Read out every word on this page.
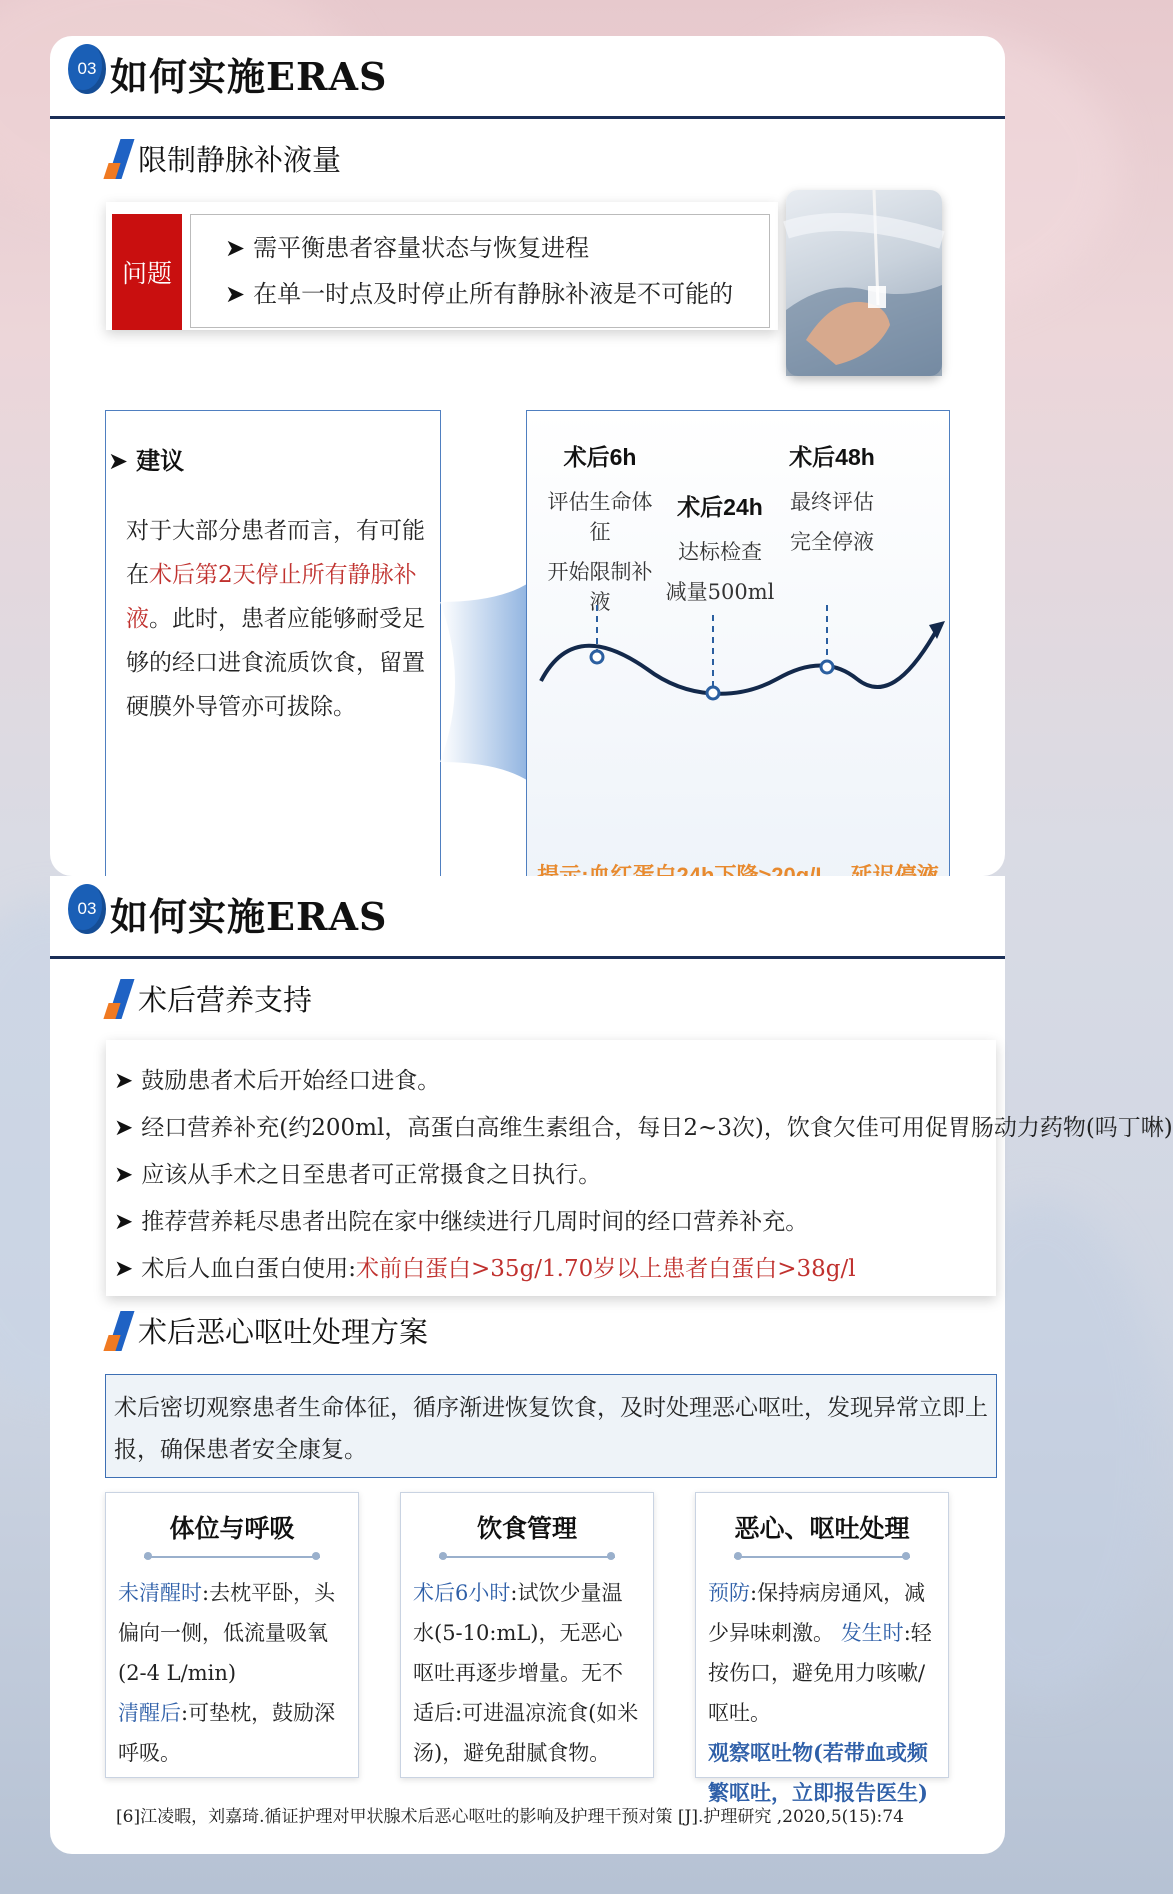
03 如何实施ERAS
限制静脉补液量
问题
➤ 需平衡患者容量状态与恢复进程
➤ 在单一时点及时停止所有静脉补液是不可能的
➤ 建议
对于大部分患者而言，有可能在术后第2天停止所有静脉补液。此时，患者应能够耐受足够的经口进食流质饮食，留置硬膜外导管亦可拔除。
术后6h
评估生命体征
开始限制补液
术后24h
达标检查
减量500ml
术后48h
最终评估
完全停液
03 如何实施ERAS
术后营养支持
➤ 鼓励患者术后开始经口进食。
➤ 经口营养补充(约200ml，高蛋白高维生素组合，每日2~3次)，饮食欠佳可用促胃肠动力药物(吗丁啉)
➤ 应该从手术之日至患者可正常摄食之日执行。
➤ 推荐营养耗尽患者出院在家中继续进行几周时间的经口营养补充。
➤ 术后人血白蛋白使用: 术前白蛋白>35g/1.70岁以上患者白蛋白>38g/l
术后恶心呕吐处理方案
术后密切观察患者生命体征，循序渐进恢复饮食，及时处理恶心呕吐，发现异常立即上报，确保患者安全康复。
体位与呼吸
未清醒时:去枕平卧，头偏向一侧，低流量吸氧(2-4 L/min)
清醒后:可垫枕，鼓励深呼吸。
饮食管理
术后6小时:试饮少量温水(5-10:mL)，无恶心呕吐再逐步增量。无不适后:可进温凉流食(如米汤)，避免甜腻食物。
恶心、呕吐处理
预防:保持病房通风，减少异味刺激。 发生时:轻按伤口，避免用力咳嗽/呕吐。
观察呕吐物(若带血或频繁呕吐，立即报告医生)
[6]江凌暇，刘嘉琦.循证护理对甲状腺术后恶心呕吐的影响及护理干预对策 [J].护理研究 ,2020,5(15):74
